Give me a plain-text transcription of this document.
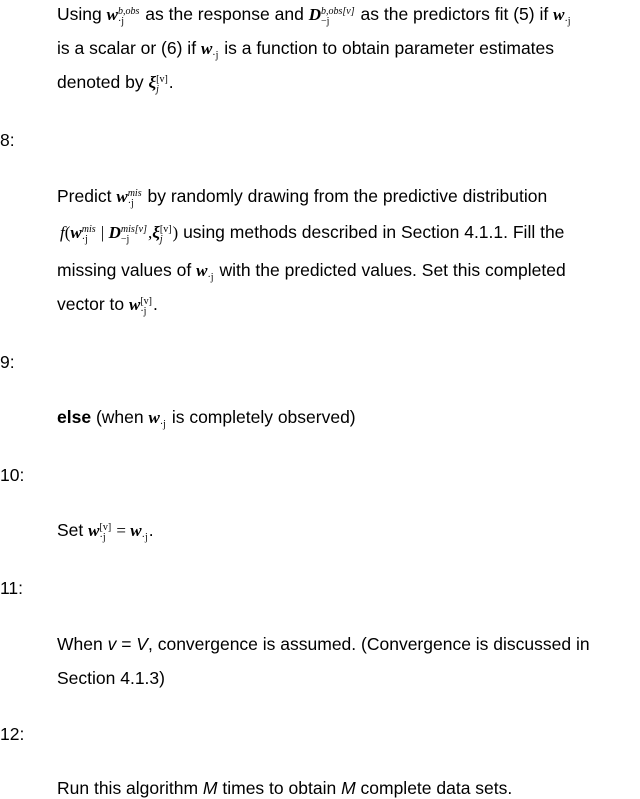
Using w b,obs
·j	as the response and D b,obs[v]
−j	as the predictors fit (5) if w
·j
is a scalar or (6) if w
·j is a function to obtain parameter estimates
denoted by ξ [v]
j .
8:
Predict w mis
·j by randomly drawing from the predictive distribution
f(w mis
·j | D mis[v]
−j	,ξ [v]
j ) using methods described in Section 4.1.1. Fill the
missing values of w
·j with the predicted values. Set this completed
vector to w [v]
·j .
9:
else (when w
·j is completely observed)
10:
Set w [v]
·j = w
·j .
11:
When v = V, convergence is assumed. (Convergence is discussed in
Section 4.1.3)
12:
Run this algorithm M times to obtain M complete data sets.
